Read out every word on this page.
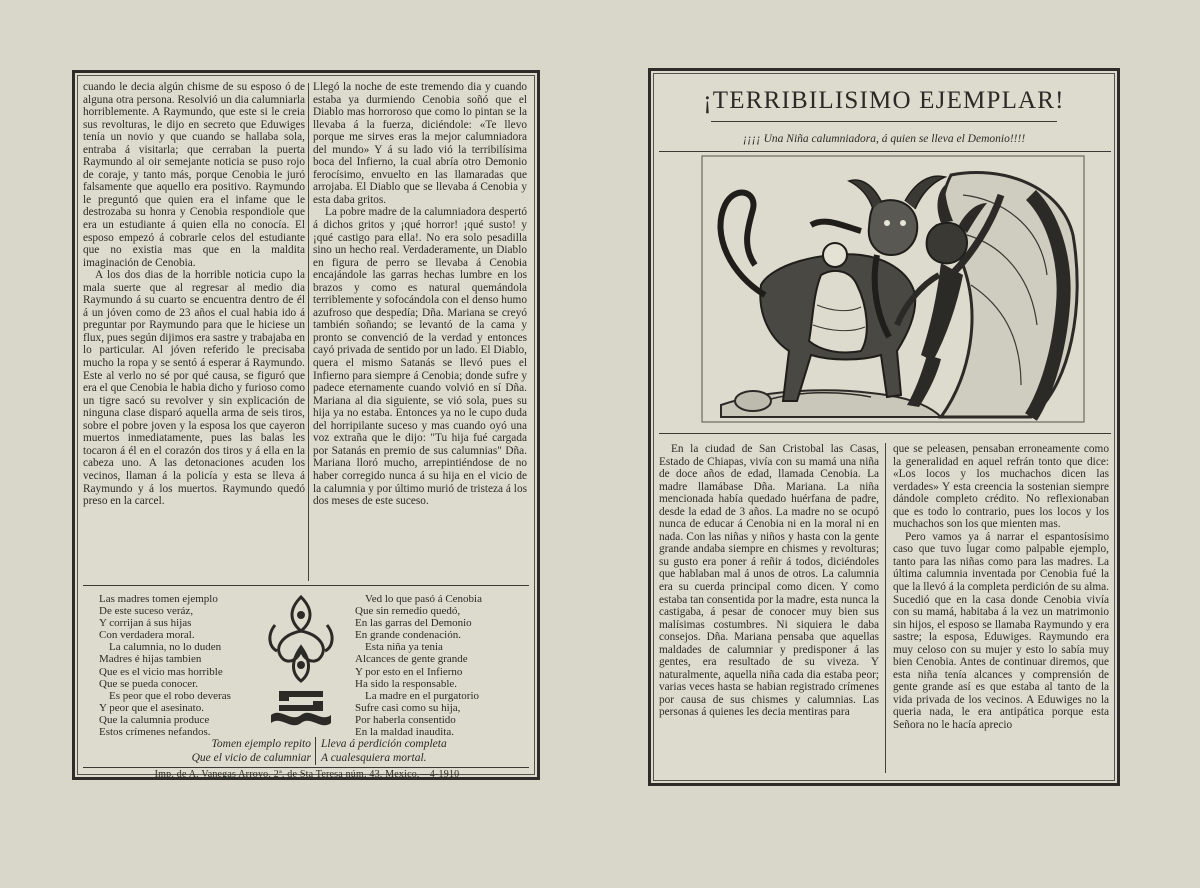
cuando le decia algún chisme de su esposo ó de alguna otra persona. Resolvió un dia calumniarla horriblemente. A Raymundo, que este si le creia sus revolturas, le dijo en secreto que Eduwiges tenía un novio y que cuando se hallaba sola, entraba á visitarla; que cerraban la puerta Raymundo al oir semejante noticia se puso rojo de coraje, y tanto más, porque Cenobia le juró falsamente que aquello era positivo. Raymundo le preguntó que quien era el infame que le destrozaba su honra y Cenobia respondiole que era un estudiante á quien ella no conocía. El esposo empezó á cobrarle celos del estudiante que no existia mas que en la maldita imaginación de Cenobia.

A los dos dias de la horrible noticia cupo la mala suerte que al regresar al medio dia Raymundo á su cuarto se encuentra dentro de él á un jóven como de 23 años el cual habia ido á preguntar por Raymundo para que le hiciese un flux, pues según dijimos era sastre y trabajaba en lo particular. Al jóven referido le precisaba mucho la ropa y se sentó á esperar á Raymundo. Este al verlo no sé por qué causa, se figuró que era el que Cenobia le habia dicho y furioso como un tigre sacó su revolver y sin explicación de ninguna clase disparó aquella arma de seis tiros, sobre el pobre joven y la esposa los que cayeron muertos inmediatamente, pues las balas les tocaron á él en el corazón dos tiros y á ella en la cabeza uno. A las detonaciones acuden los vecinos, llaman á la policía y esta se lleva á Raymundo y á los muertos. Raymundo quedó preso en la carcel.

Llegó la noche de este tremendo dia y cuando estaba ya durmiendo Cenobia soñó que el Diablo mas horroroso que como lo pintan se la llevaba á la fuerza, diciéndole: «Te llevo porque me sirves eras la mejor calumniadora del mundo» Y á su lado vió la terribilísima boca del Infierno, la cual abría otro Demonio ferocísimo, envuelto en las llamaradas que arrojaba. El Diablo que se llevaba á Cenobia y esta daba gritos.

La pobre madre de la calumniadora despertó á dichos gritos y ¡qué horror! ¡qué susto! y ¡qué castigo para ella!. No era solo pesadilla sino un hecho real. Verdaderamente, un Diablo en figura de perro se llevaba á Cenobia encajándole las garras hechas lumbre en los brazos y como es natural quemándola terriblemente y sofocándola con el denso humo azufroso que despedía; Dña. Mariana se creyó también soñando; se levantó de la cama y pronto se convenció de la verdad y entonces cayó privada de sentido por un lado. El Diablo, quera el mismo Satanás se llevó pues el Infierno para siempre á Cenobia; donde sufre y padece eternamente cuando volvió en sí Dña. Mariana al dia siguiente, se vió sola, pues su hija ya no estaba. Entonces ya no le cupo duda del horripilante suceso y mas cuando oyó una voz extraña que le dijo: "Tu hija fué cargada por Satanás en premio de sus calumnias" Dña. Mariana lloró mucho, arrepintiéndose de no haber corregido nunca á su hija en el vicio de la calumnia y por último murió de tristeza á los dos meses de este suceso.

Las madres tomen ejemplo
De este suceso veráz,
Y corrijan á sus hijas
Con verdadera moral.
La calumnia, no lo duden
Madres é hijas tambien
Que es el vicio mas horrible
Que se pueda conocer.
Es peor que el robo deveras
Y peor que el asesinato.
Que la calumnia produce
Estos crímenes nefandos.
Ved lo que pasó á Cenobia
Que sin remedio quedó,
En las garras del Demonio
En grande condenación.
Esta niña ya tenia
Alcances de gente grande
Y por esto en el Infierno
Ha sido la responsable.
La madre en el purgatorio
Sufre casi como su hija,
Por haberla consentido
En la maldad inaudita.
Tomen ejemplo repito
Que el vicio de calumniar
Lleva á perdición completa
A cualesquiera mortal.
Imp. de A. Vanegas Arroyo. 2ª. de Sta Teresa núm. 43. Mexico.—4-1910
¡TERRIBILISIMO EJEMPLAR!
¡¡¡¡ Una Niña calumniadora, á quien se lleva el Demonio!!!!

En la ciudad de San Cristobal las Casas, Estado de Chiapas, vivía con su mamá una niña de doce años de edad, llamada Cenobia. La madre llamábase Dña. Mariana. La niña mencionada había quedado huérfana de padre, desde la edad de 3 años. La madre no se ocupó nunca de educar á Cenobia ni en la moral ni en nada. Con las niñas y niños y hasta con la gente grande andaba siempre en chismes y revolturas; su gusto era poner á reñir á todos, diciéndoles que hablaban mal á unos de otros. La calumnia era su cuerda principal como dicen. Y como estaba tan consentida por la madre, esta nunca la castigaba, á pesar de conocer muy bien sus malísimas costumbres. Ni siquiera le daba consejos. Dña. Mariana pensaba que aquellas maldades de calumniar y predisponer á las gentes, era resultado de su viveza. Y naturalmente, aquella niña cada dia estaba peor; varias veces hasta se habian registrado crímenes por causa de sus chismes y calumnias. Las personas á quienes les decia mentiras para

que se peleasen, pensaban erroneamente como la generalidad en aquel refrán tonto que dice: «Los locos y los muchachos dicen las verdades» Y esta creencia la sostenian siempre dándole completo crédito. No reflexionaban que es todo lo contrario, pues los locos y los muchachos son los que mienten mas.

Pero vamos ya á narrar el espantosísimo caso que tuvo lugar como palpable ejemplo, tanto para las niñas como para las madres. La última calumnia inventada por Cenobia fué la que la llevó á la completa perdición de su alma. Sucedió que en la casa donde Cenobia vivía con su mamá, habitaba á la vez un matrimonio sin hijos, el esposo se llamaba Raymundo y era sastre; la esposa, Eduwiges. Raymundo era muy celoso con su mujer y esto lo sabía muy bien Cenobia. Antes de continuar diremos, que esta niña tenía alcances y comprensión de gente grande así es que estaba al tanto de la vida privada de los vecinos. A Eduwiges no la queria nada, le era antipática porque esta Señora no le hacía aprecio
